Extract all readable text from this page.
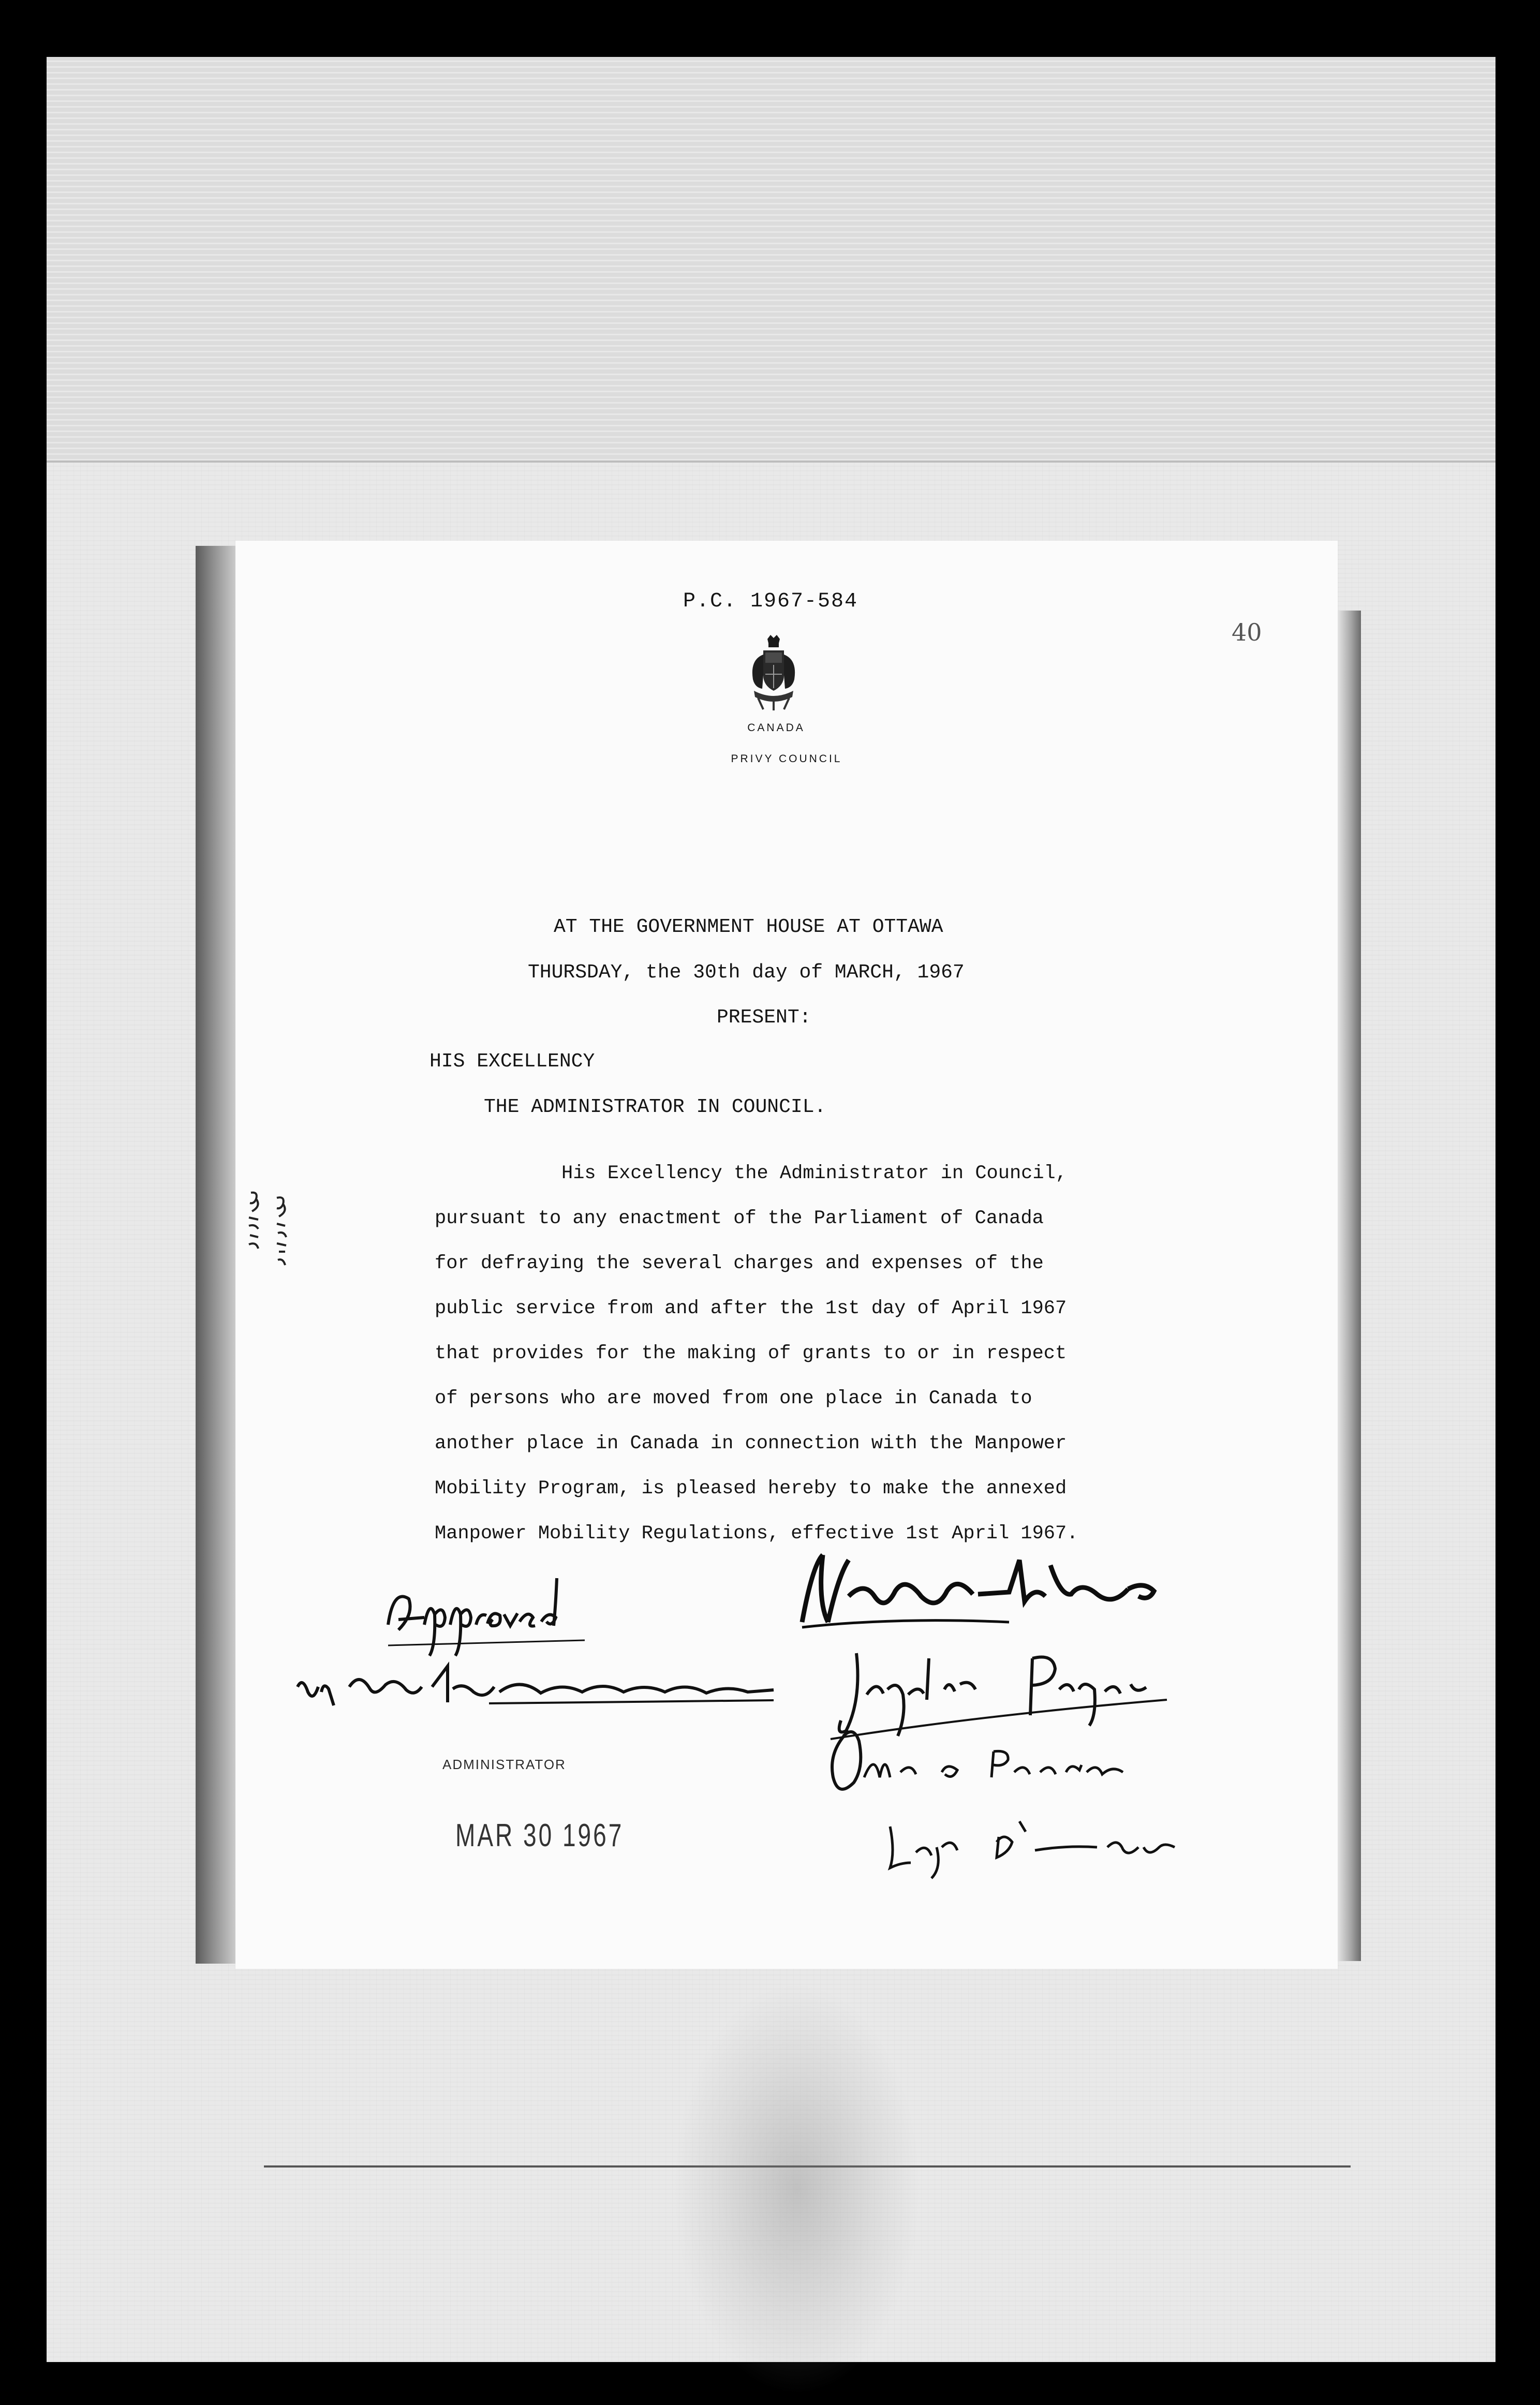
P.C. 1967-584
40
CANADA
PRIVY COUNCIL
AT THE GOVERNMENT HOUSE AT OTTAWA
THURSDAY, the 30th day of MARCH, 1967
PRESENT:
HIS EXCELLENCY
THE ADMINISTRATOR IN COUNCIL.
His Excellency the Administrator in Council,
pursuant to any enactment of the Parliament of Canada
for defraying the several charges and expenses of the
public service from and after the 1st day of April 1967
that provides for the making of grants to or in respect
of persons who are moved from one place in Canada to
another place in Canada in connection with the Manpower
Mobility Program, is pleased hereby to make the annexed
Manpower Mobility Regulations, effective 1st April 1967.
ADMINISTRATOR
MAR 30 1967
